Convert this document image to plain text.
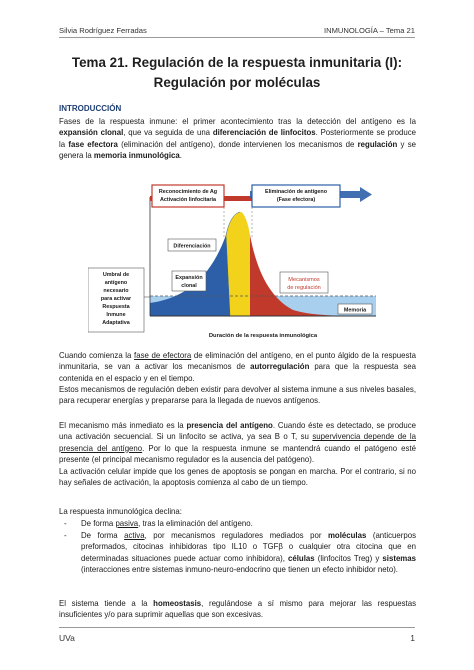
Silvia Rodríguez Ferradas	INMUNOLOGÍA – Tema 21
Tema 21. Regulación de la respuesta inmunitaria (I):
Regulación por moléculas
INTRODUCCIÓN
Fases de la respuesta inmune: el primer acontecimiento tras la detección del antígeno es la expansión clonal, que va seguida de una diferenciación de linfocitos. Posteriormente se produce la fase efectora (eliminación del antígeno), donde intervienen los mecanismos de regulación y se genera la memoria inmunológica.
Reconocimiento de Ag
Activación linfocitaria
Eliminación de antígeno
(Fase efectora)
Diferenciación
Expansión
clonal
Mecanismos
de regulación
Memoria
Umbral de
antígeno
necesario
para activar
Respuesta
Inmune
Adaptativa
Duración de la respuesta inmunológica
Cuando comienza la fase de efectora de eliminación del antígeno, en el punto álgido de la respuesta inmunitaria, se van a activar los mecanismos de autorregulación para que la respuesta sea contenida en el espacio y en el tiempo.
Estos mecanismos de regulación deben existir para devolver al sistema inmune a sus niveles basales, para recuperar energías y prepararse para la llegada de nuevos antígenos.
El mecanismo más inmediato es la presencia del antígeno. Cuando éste es detectado, se produce una activación secuencial. Si un linfocito se activa, ya sea B o T, su supervivencia depende de la presencia del antígeno. Por lo que la respuesta inmune se mantendrá cuando el patógeno esté presente (el principal mecanismo regulador es la ausencia del patógeno).
La activación celular impide que los genes de apoptosis se pongan en marcha. Por el contrario, si no hay señales de activación, la apoptosis comienza al cabo de un tiempo.
La respuesta inmunológica declina:
- De forma pasiva, tras la eliminación del antígeno.
- De forma activa, por mecanismos reguladores mediados por moléculas (anticuerpos preformados, citocinas inhibidoras tipo IL10 o TGFβ o cualquier otra citocina que en determinadas situaciones puede actuar como inhibidora), células (linfocitos Treg) y sistemas (interacciones entre sistemas inmuno-neuro-endocrino que tienen un efecto inhibidor neto).
El sistema tiende a la homeostasis, regulándose a sí mismo para mejorar las respuestas insuficientes y/o para suprimir aquellas que son excesivas.
UVa	1
